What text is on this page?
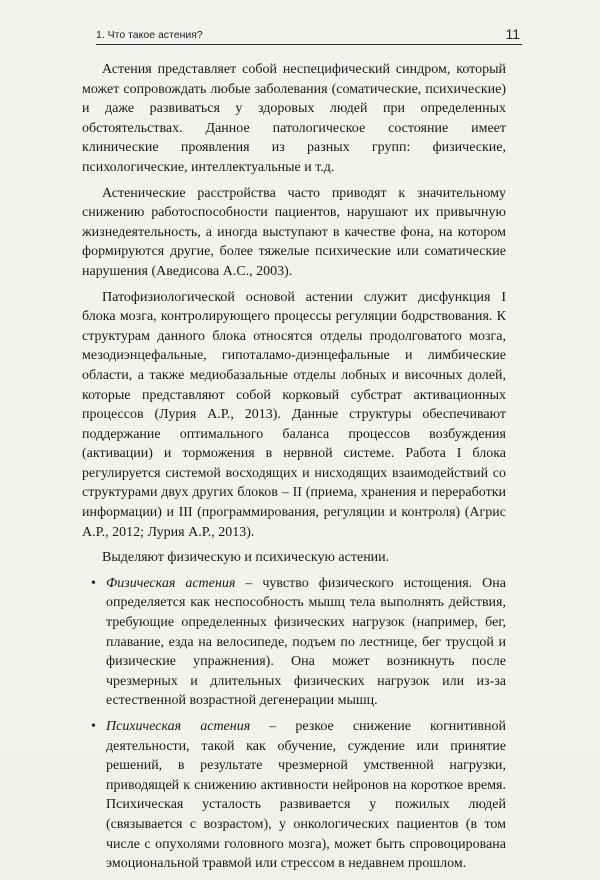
1. Что такое астения?	11

Астения представляет собой неспецифический синдром, который может сопровождать любые заболевания (соматические, психические) и даже развиваться у здоровых людей при определенных обстоятельствах. Данное патологическое состояние имеет клинические проявления из разных групп: физические, психологические, интеллектуальные и т.д.

Астенические расстройства часто приводят к значительному снижению работоспособности пациентов, нарушают их привычную жизнедеятельность, а иногда выступают в качестве фона, на котором формируются другие, более тяжелые психические или соматические нарушения (Аведисова А.С., 2003).

Патофизиологической основой астении служит дисфункция I блока мозга, контролирующего процессы регуляции бодрствования. К структурам данного блока относятся отделы продолговатого мозга, мезодиэнцефальные, гипоталамо-диэнцефальные и лимбические области, а также медиобазальные отделы лобных и височных долей, которые представляют собой корковый субстрат активационных процессов (Лурия А.Р., 2013). Данные структуры обеспечивают поддержание оптимального баланса процессов возбуждения (активации) и торможения в нервной системе. Работа I блока регулируется системой восходящих и нисходящих взаимодействий со структурами двух других блоков – II (приема, хранения и переработки информации) и III (программирования, регуляции и контроля) (Агрис А.Р., 2012; Лурия А.Р., 2013).

Выделяют физическую и психическую астении.

• Физическая астения – чувство физического истощения. Она определяется как неспособность мышц тела выполнять действия, требующие определенных физических нагрузок (например, бег, плавание, езда на велосипеде, подъем по лестнице, бег трусцой и физические упражнения). Она может возникнуть после чрезмерных и длительных физических нагрузок или из-за естественной возрастной дегенерации мышц.
• Психическая астения – резкое снижение когнитивной деятельности, такой как обучение, суждение или принятие решений, в результате чрезмерной умственной нагрузки, приводящей к снижению активности нейронов на короткое время. Психическая усталость развивается у пожилых людей (связывается с возрастом), у онкологических пациентов (в том числе с опухолями головного мозга), может быть спровоцирована эмоциональной травмой или стрессом в недавнем прошлом.
